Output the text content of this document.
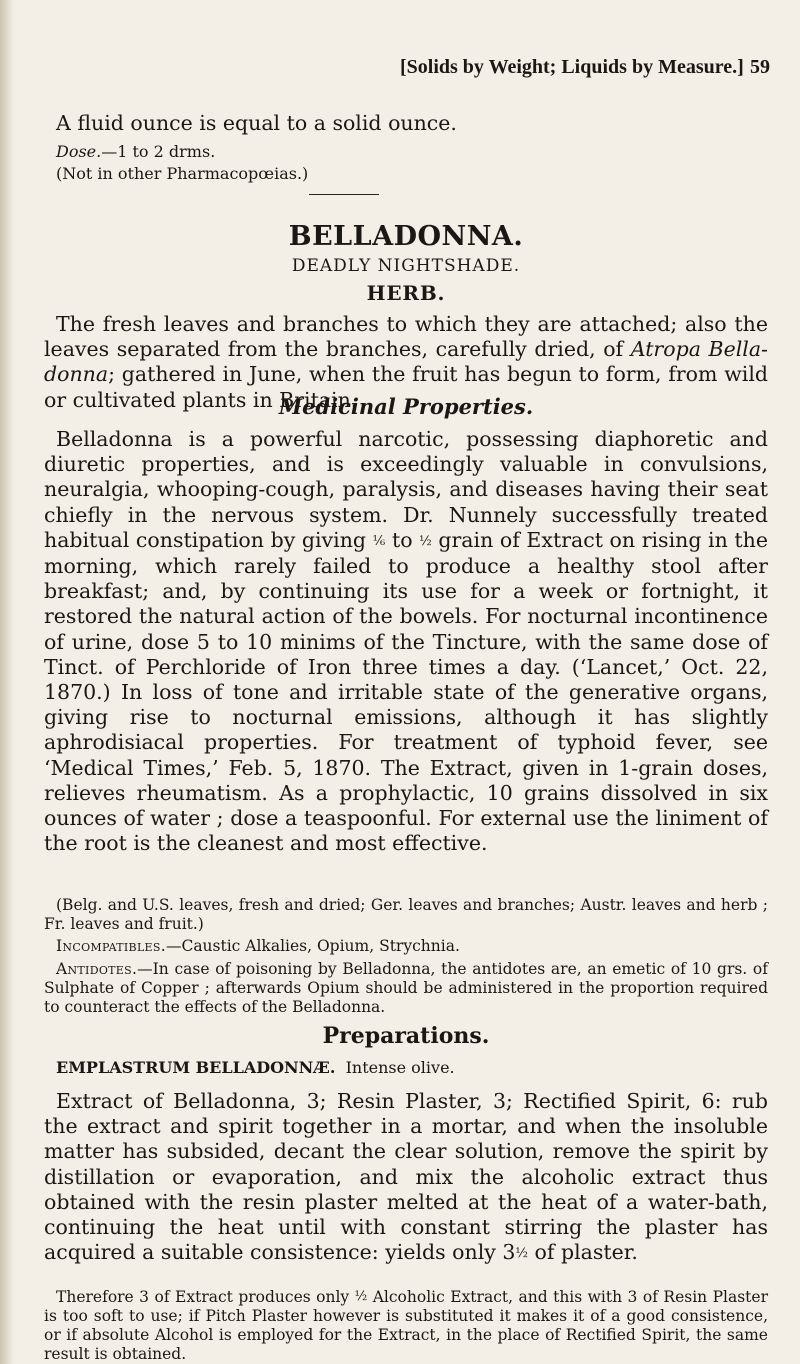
[Solids by Weight; Liquids by Measure.] 59

A fluid ounce is equal to a solid ounce.

Dose.—1 to 2 drms.

(Not in other Pharmacopœias.)

BELLADONNA.

DEADLY NIGHTSHADE.

HERB.

The fresh leaves and branches to which they are attached; also the leaves separated from the branches, carefully dried, of Atropa Bella-donna; gathered in June, when the fruit has begun to form, from wild or cultivated plants in Britain.

Medicinal Properties.

Belladonna is a powerful narcotic, possessing diaphoretic and diuretic properties, and is exceedingly valuable in convulsions, neuralgia, whooping-cough, paralysis, and diseases having their seat chiefly in the nervous system. Dr. Nunnely successfully treated habitual constipation by giving ⅙ to ½ grain of Extract on rising in the morning, which rarely failed to produce a healthy stool after breakfast; and, by continuing its use for a week or fortnight, it restored the natural action of the bowels. For nocturnal incontinence of urine, dose 5 to 10 minims of the Tincture, with the same dose of Tinct. of Perchloride of Iron three times a day. (‘Lancet,’ Oct. 22, 1870.) In loss of tone and irritable state of the generative organs, giving rise to nocturnal emissions, although it has slightly aphrodisiacal properties. For treatment of typhoid fever, see ‘Medical Times,’ Feb. 5, 1870. The Extract, given in 1-grain doses, relieves rheumatism. As a prophylactic, 10 grains dissolved in six ounces of water ; dose a teaspoonful. For external use the liniment of the root is the cleanest and most effective.

(Belg. and U.S. leaves, fresh and dried; Ger. leaves and branches; Austr. leaves and herb ; Fr. leaves and fruit.)

Incompatibles.—Caustic Alkalies, Opium, Strychnia.

Antidotes.—In case of poisoning by Belladonna, the antidotes are, an emetic of 10 grs. of Sulphate of Copper ; afterwards Opium should be administered in the proportion required to counteract the effects of the Belladonna.

Preparations.

EMPLASTRUM BELLADONNÆ. Intense olive.

Extract of Belladonna, 3; Resin Plaster, 3; Rectified Spirit, 6: rub the extract and spirit together in a mortar, and when the insoluble matter has subsided, decant the clear solution, remove the spirit by distillation or evaporation, and mix the alcoholic extract thus obtained with the resin plaster melted at the heat of a water-bath, continuing the heat until with constant stirring the plaster has acquired a suitable consistence: yields only 3½ of plaster.

Therefore 3 of Extract produces only ½ Alcoholic Extract, and this with 3 of Resin Plaster is too soft to use; if Pitch Plaster however is substituted it makes it of a good consistence, or if absolute Alcohol is employed for the Extract, in the place of Rectified Spirit, the same result is obtained.
